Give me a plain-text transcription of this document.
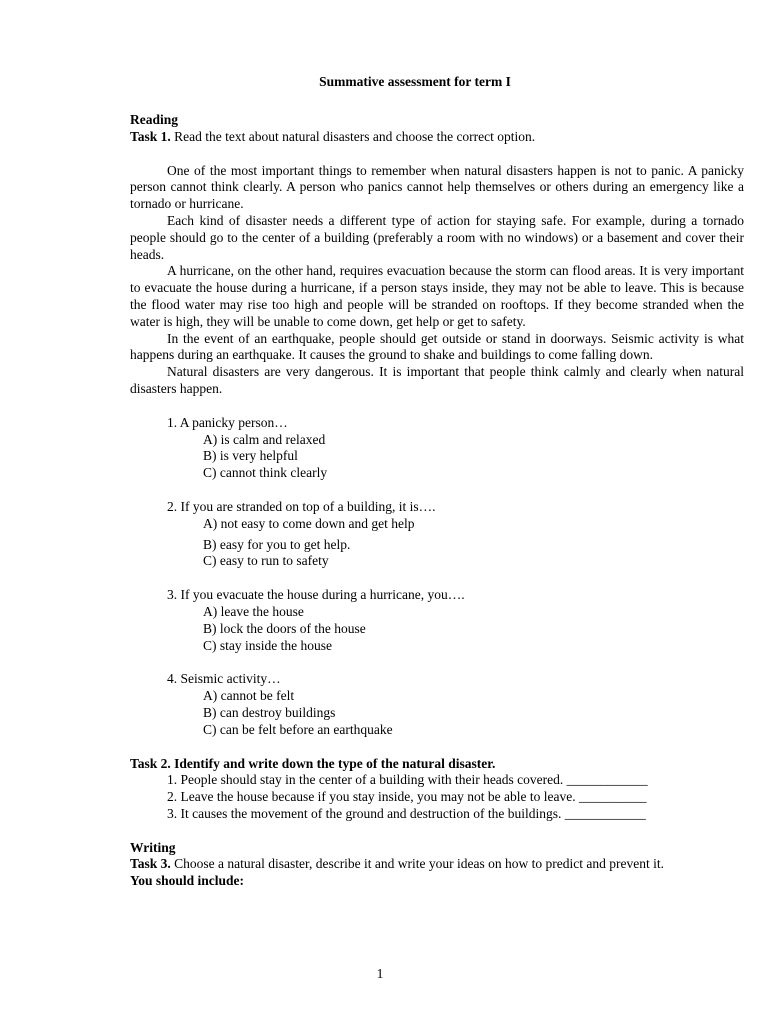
Summative assessment for term I

Reading

Task 1. Read the text about natural disasters and choose the correct option.

One of the most important things to remember when natural disasters happen is not to panic. A panicky person cannot think clearly. A person who panics cannot help themselves or others during an emergency like a tornado or hurricane.

Each kind of disaster needs a different type of action for staying safe. For example, during a tornado people should go to the center of a building (preferably a room with no windows) or a basement and cover their heads.

A hurricane, on the other hand, requires evacuation because the storm can flood areas. It is very important to evacuate the house during a hurricane, if a person stays inside, they may not be able to leave. This is because the flood water may rise too high and people will be stranded on rooftops. If they become stranded when the water is high, they will be unable to come down, get help or get to safety.

In the event of an earthquake, people should get outside or stand in doorways. Seismic activity is what happens during an earthquake. It causes the ground to shake and buildings to come falling down.

Natural disasters are very dangerous. It is important that people think calmly and clearly when natural disasters happen.

1. A panicky person…

A) is calm and relaxed

B) is very helpful

C) cannot think clearly

2. If you are stranded on top of a building, it is….

A) not easy to come down and get help

B) easy for you to get help.

C) easy to run to safety

3. If you evacuate the house during a hurricane, you….

A) leave the house

B) lock the doors of the house

C) stay inside the house

4. Seismic activity…

A) cannot be felt

B) can destroy buildings

C) can be felt before an earthquake

Task 2. Identify and write down the type of the natural disaster.

1. People should stay in the center of a building with their heads covered. ____________

2. Leave the house because if you stay inside, you may not be able to leave. __________

3. It causes the movement of the ground and destruction of the buildings. ____________

Writing

Task 3. Choose a natural disaster, describe it and write your ideas on how to predict and prevent it.

You should include:

1
